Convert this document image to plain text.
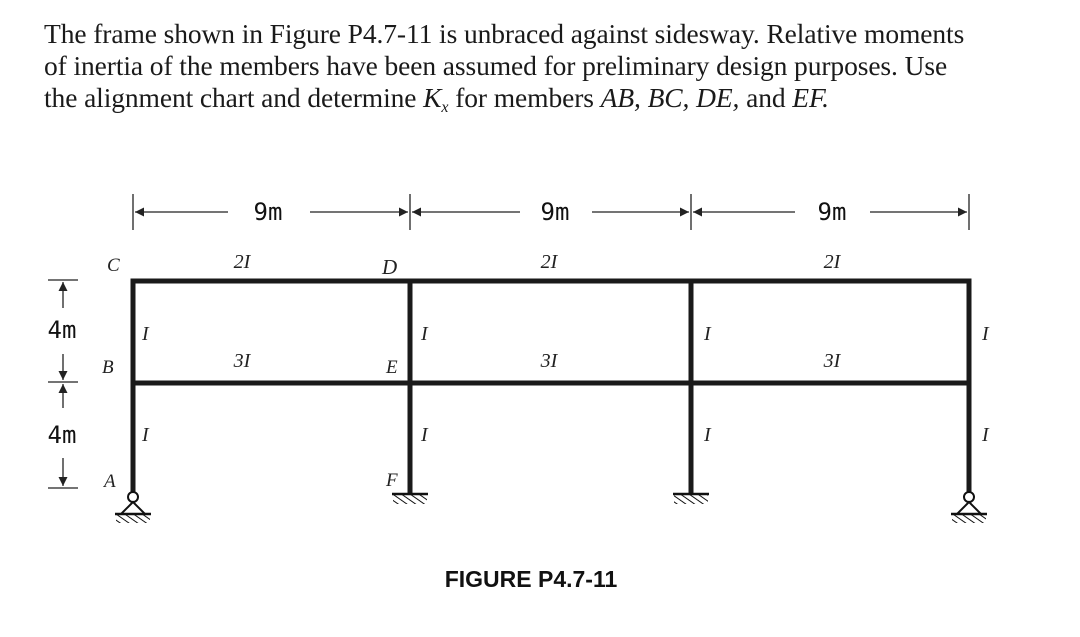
The frame shown in Figure P4.7-11 is unbraced against sidesway. Relative moments
of inertia of the members have been assumed for preliminary design purposes. Use
the alignment chart and determine $K_x$ for members AB, BC, DE, and EF.
9m	9m	9m
4m
4m
C
B
A
D
E
F
2I	2I	2I
3I	3I	3I
I
I
I
I
I
I
I
I
FIGURE P4.7-11
